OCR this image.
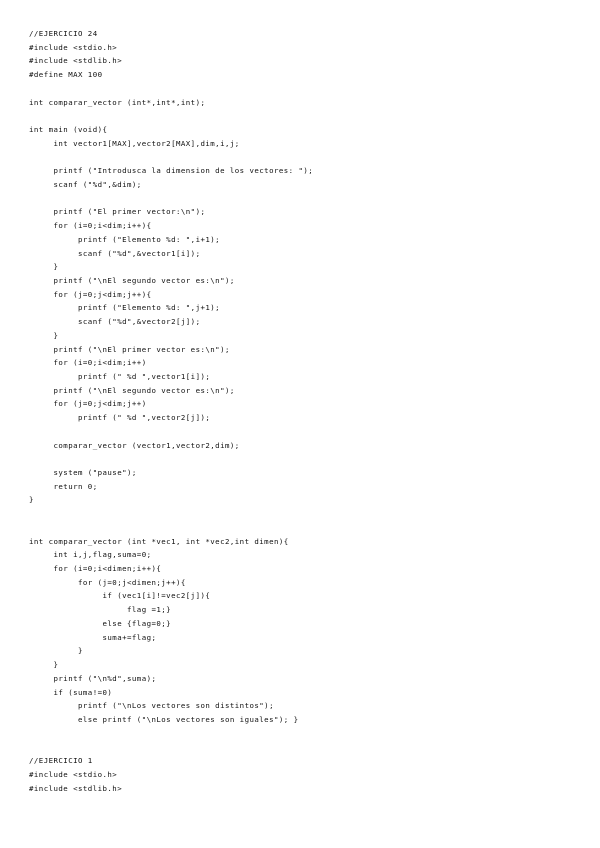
//EJERCICIO 24
#include <stdio.h>
#include <stdlib.h>
#define MAX 100
int comparar_vector (int*,int*,int);
int main (void){
int vector1[MAX],vector2[MAX],dim,i,j;
printf ("Introdusca la dimension de los vectores: ");
scanf ("%d",&dim);
printf ("El primer vector:\n");
for (i=0;i<dim;i++){
printf ("Elemento %d: ",i+1);
scanf ("%d",&vector1[i]);
}
printf ("\nEl segundo vector es:\n");
for (j=0;j<dim;j++){
printf ("Elemento %d: ",j+1);
scanf ("%d",&vector2[j]);
}
printf ("\nEl primer vector es:\n");
for (i=0;i<dim;i++)
printf (" %d ",vector1[i]);
printf ("\nEl segundo vector es:\n");
for (j=0;j<dim;j++)
printf (" %d ",vector2[j]);
comparar_vector (vector1,vector2,dim);
system ("pause");
return 0;
}
int comparar_vector (int *vec1, int *vec2,int dimen){
int i,j,flag,suma=0;
for (i=0;i<dimen;i++){
for (j=0;j<dimen;j++){
if (vec1[i]!=vec2[j]){
flag =1;}
else {flag=0;}
suma+=flag;
}
}
printf ("\n%d",suma);
if (suma!=0)
printf ("\nLos vectores son distintos");
else printf ("\nLos vectores son iguales"); }
//EJERCICIO 1
#include <stdio.h>
#include <stdlib.h>
